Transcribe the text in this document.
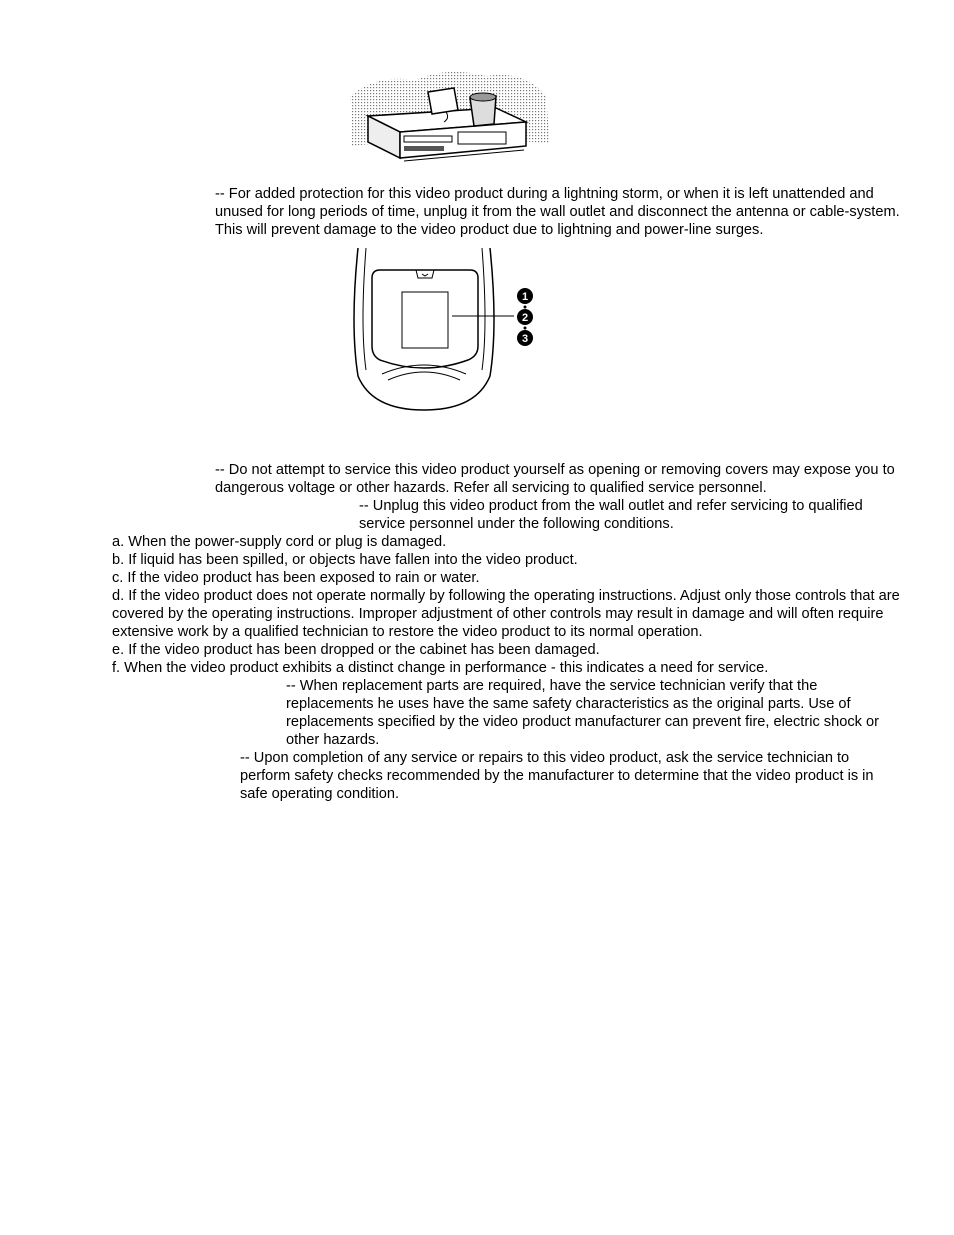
-- For added protection for this video product during a lightning storm, or when it is left unattended and unused for long periods of time, unplug it from the wall outlet and disconnect the antenna or cable-system. This will prevent damage to the video product due to lightning and power-line surges.

1
2
3

-- Do not attempt to service this video product yourself as opening or removing covers may expose you to dangerous voltage or other hazards. Refer all servicing to qualified service personnel.

-- Unplug this video product from the wall outlet and refer servicing to qualified service personnel under the following conditions.

a. When the power-supply cord or plug is damaged.

b. If liquid has been spilled, or objects have fallen into the video product.

c. If the video product has been exposed to rain or water.

d. If the video product does not operate normally by following the operating instructions. Adjust only those controls that are covered by the operating instructions. Improper adjustment of other controls may result in damage and will often require extensive work by a qualified technician to restore the video product to its normal operation.

e. If the video product has been dropped or the cabinet has been damaged.

f. When the video product exhibits a distinct change in performance - this indicates a need for service.

-- When replacement parts are required, have the service technician verify that the replacements he uses have the same safety characteristics as the original parts. Use of replacements specified by the video product manufacturer can prevent fire, electric shock or other hazards.

-- Upon completion of any service or repairs to this video product, ask the service technician to perform safety checks recommended by the manufacturer to determine that the video product is in safe operating condition.
